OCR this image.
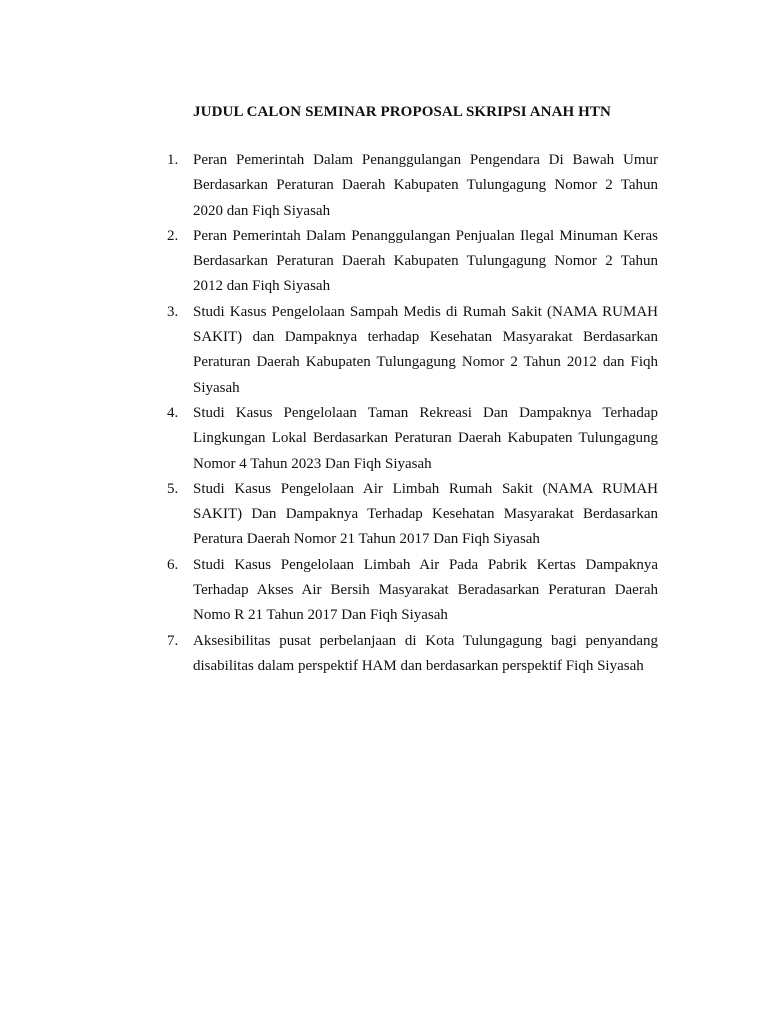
JUDUL CALON SEMINAR PROPOSAL SKRIPSI ANAH HTN
1. Peran Pemerintah Dalam Penanggulangan Pengendara Di Bawah Umur Berdasarkan Peraturan Daerah Kabupaten Tulungagung Nomor 2 Tahun 2020 dan Fiqh Siyasah
2. Peran Pemerintah Dalam Penanggulangan Penjualan Ilegal Minuman Keras Berdasarkan Peraturan Daerah Kabupaten Tulungagung Nomor 2 Tahun 2012 dan Fiqh Siyasah
3. Studi Kasus Pengelolaan Sampah Medis di Rumah Sakit (NAMA RUMAH SAKIT) dan Dampaknya terhadap Kesehatan Masyarakat Berdasarkan Peraturan Daerah Kabupaten Tulungagung Nomor 2 Tahun 2012 dan Fiqh Siyasah
4. Studi Kasus Pengelolaan Taman Rekreasi Dan Dampaknya Terhadap Lingkungan Lokal Berdasarkan Peraturan Daerah Kabupaten Tulungagung Nomor 4 Tahun 2023 Dan Fiqh Siyasah
5. Studi Kasus Pengelolaan Air Limbah Rumah Sakit (NAMA RUMAH SAKIT) Dan Dampaknya Terhadap Kesehatan Masyarakat Berdasarkan Peratura Daerah Nomor 21 Tahun 2017 Dan Fiqh Siyasah
6. Studi Kasus Pengelolaan Limbah Air Pada Pabrik Kertas Dampaknya Terhadap Akses Air Bersih Masyarakat Beradasarkan Peraturan Daerah Nomo R 21 Tahun 2017 Dan Fiqh Siyasah
7. Aksesibilitas pusat perbelanjaan di Kota Tulungagung bagi penyandang disabilitas dalam perspektif HAM dan berdasarkan perspektif Fiqh Siyasah
